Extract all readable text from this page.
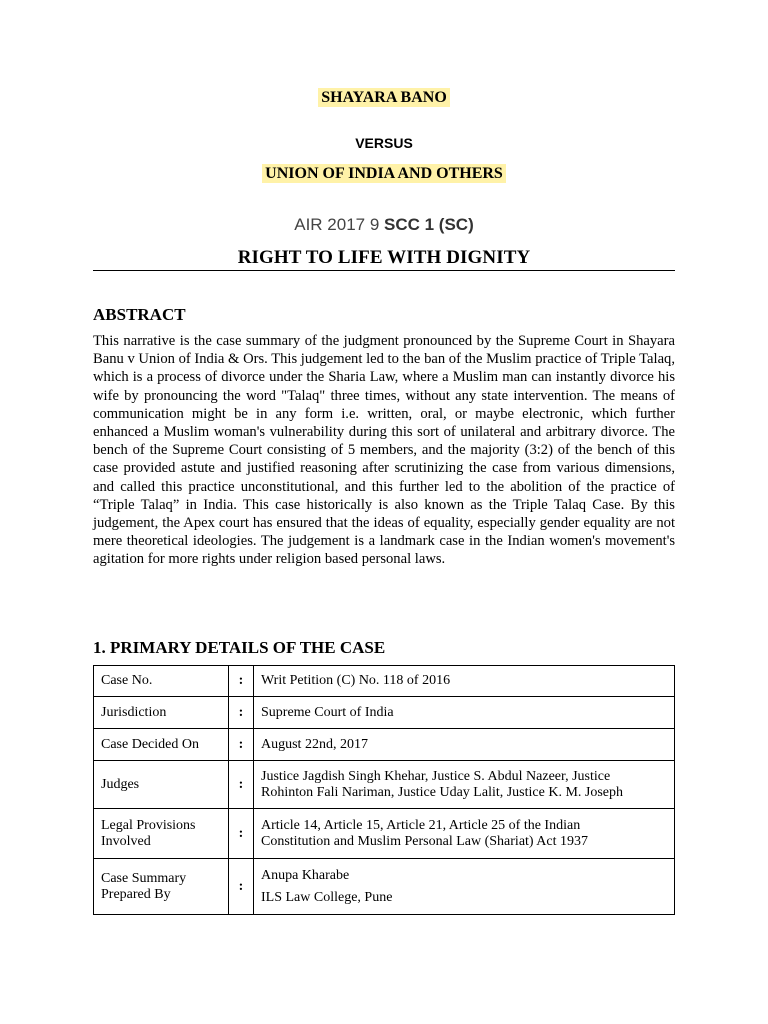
SHAYARA BANO
VERSUS
UNION OF INDIA AND OTHERS
AIR 2017 9 SCC 1 (SC)
RIGHT TO LIFE WITH DIGNITY
ABSTRACT
This narrative is the case summary of the judgment pronounced by the Supreme Court in Shayara Banu v Union of India & Ors. This judgement led to the ban of the Muslim practice of Triple Talaq, which is a process of divorce under the Sharia Law, where a Muslim man can instantly divorce his wife by pronouncing the word "Talaq" three times, without any state intervention. The means of communication might be in any form i.e. written, oral, or maybe electronic, which further enhanced a Muslim woman's vulnerability during this sort of unilateral and arbitrary divorce. The bench of the Supreme Court consisting of 5 members, and the majority (3:2) of the bench of this case provided astute and justified reasoning after scrutinizing the case from various dimensions, and called this practice unconstitutional, and this further led to the abolition of the practice of “Triple Talaq” in India. This case historically is also known as the Triple Talaq Case. By this judgement, the Apex court has ensured that the ideas of equality, especially gender equality are not mere theoretical ideologies. The judgement is a landmark case in the Indian women's movement's agitation for more rights under religion based personal laws.
1. PRIMARY DETAILS OF THE CASE
Case No.	:	Writ Petition (C) No. 118 of 2016

Jurisdiction	:	Supreme Court of India

Case Decided On	:	August 22nd, 2017

Judges	:	Justice Jagdish Singh Khehar, Justice S. Abdul Nazeer, Justice
Rohinton Fali Nariman, Justice Uday Lalit, Justice K. M. Joseph

Legal Provisions
Involved	:	Article 14, Article 15, Article 21, Article 25 of the Indian
Constitution and Muslim Personal Law (Shariat) Act 1937

Case Summary
Prepared By	:	Anupa Kharabe
ILS Law College, Pune
